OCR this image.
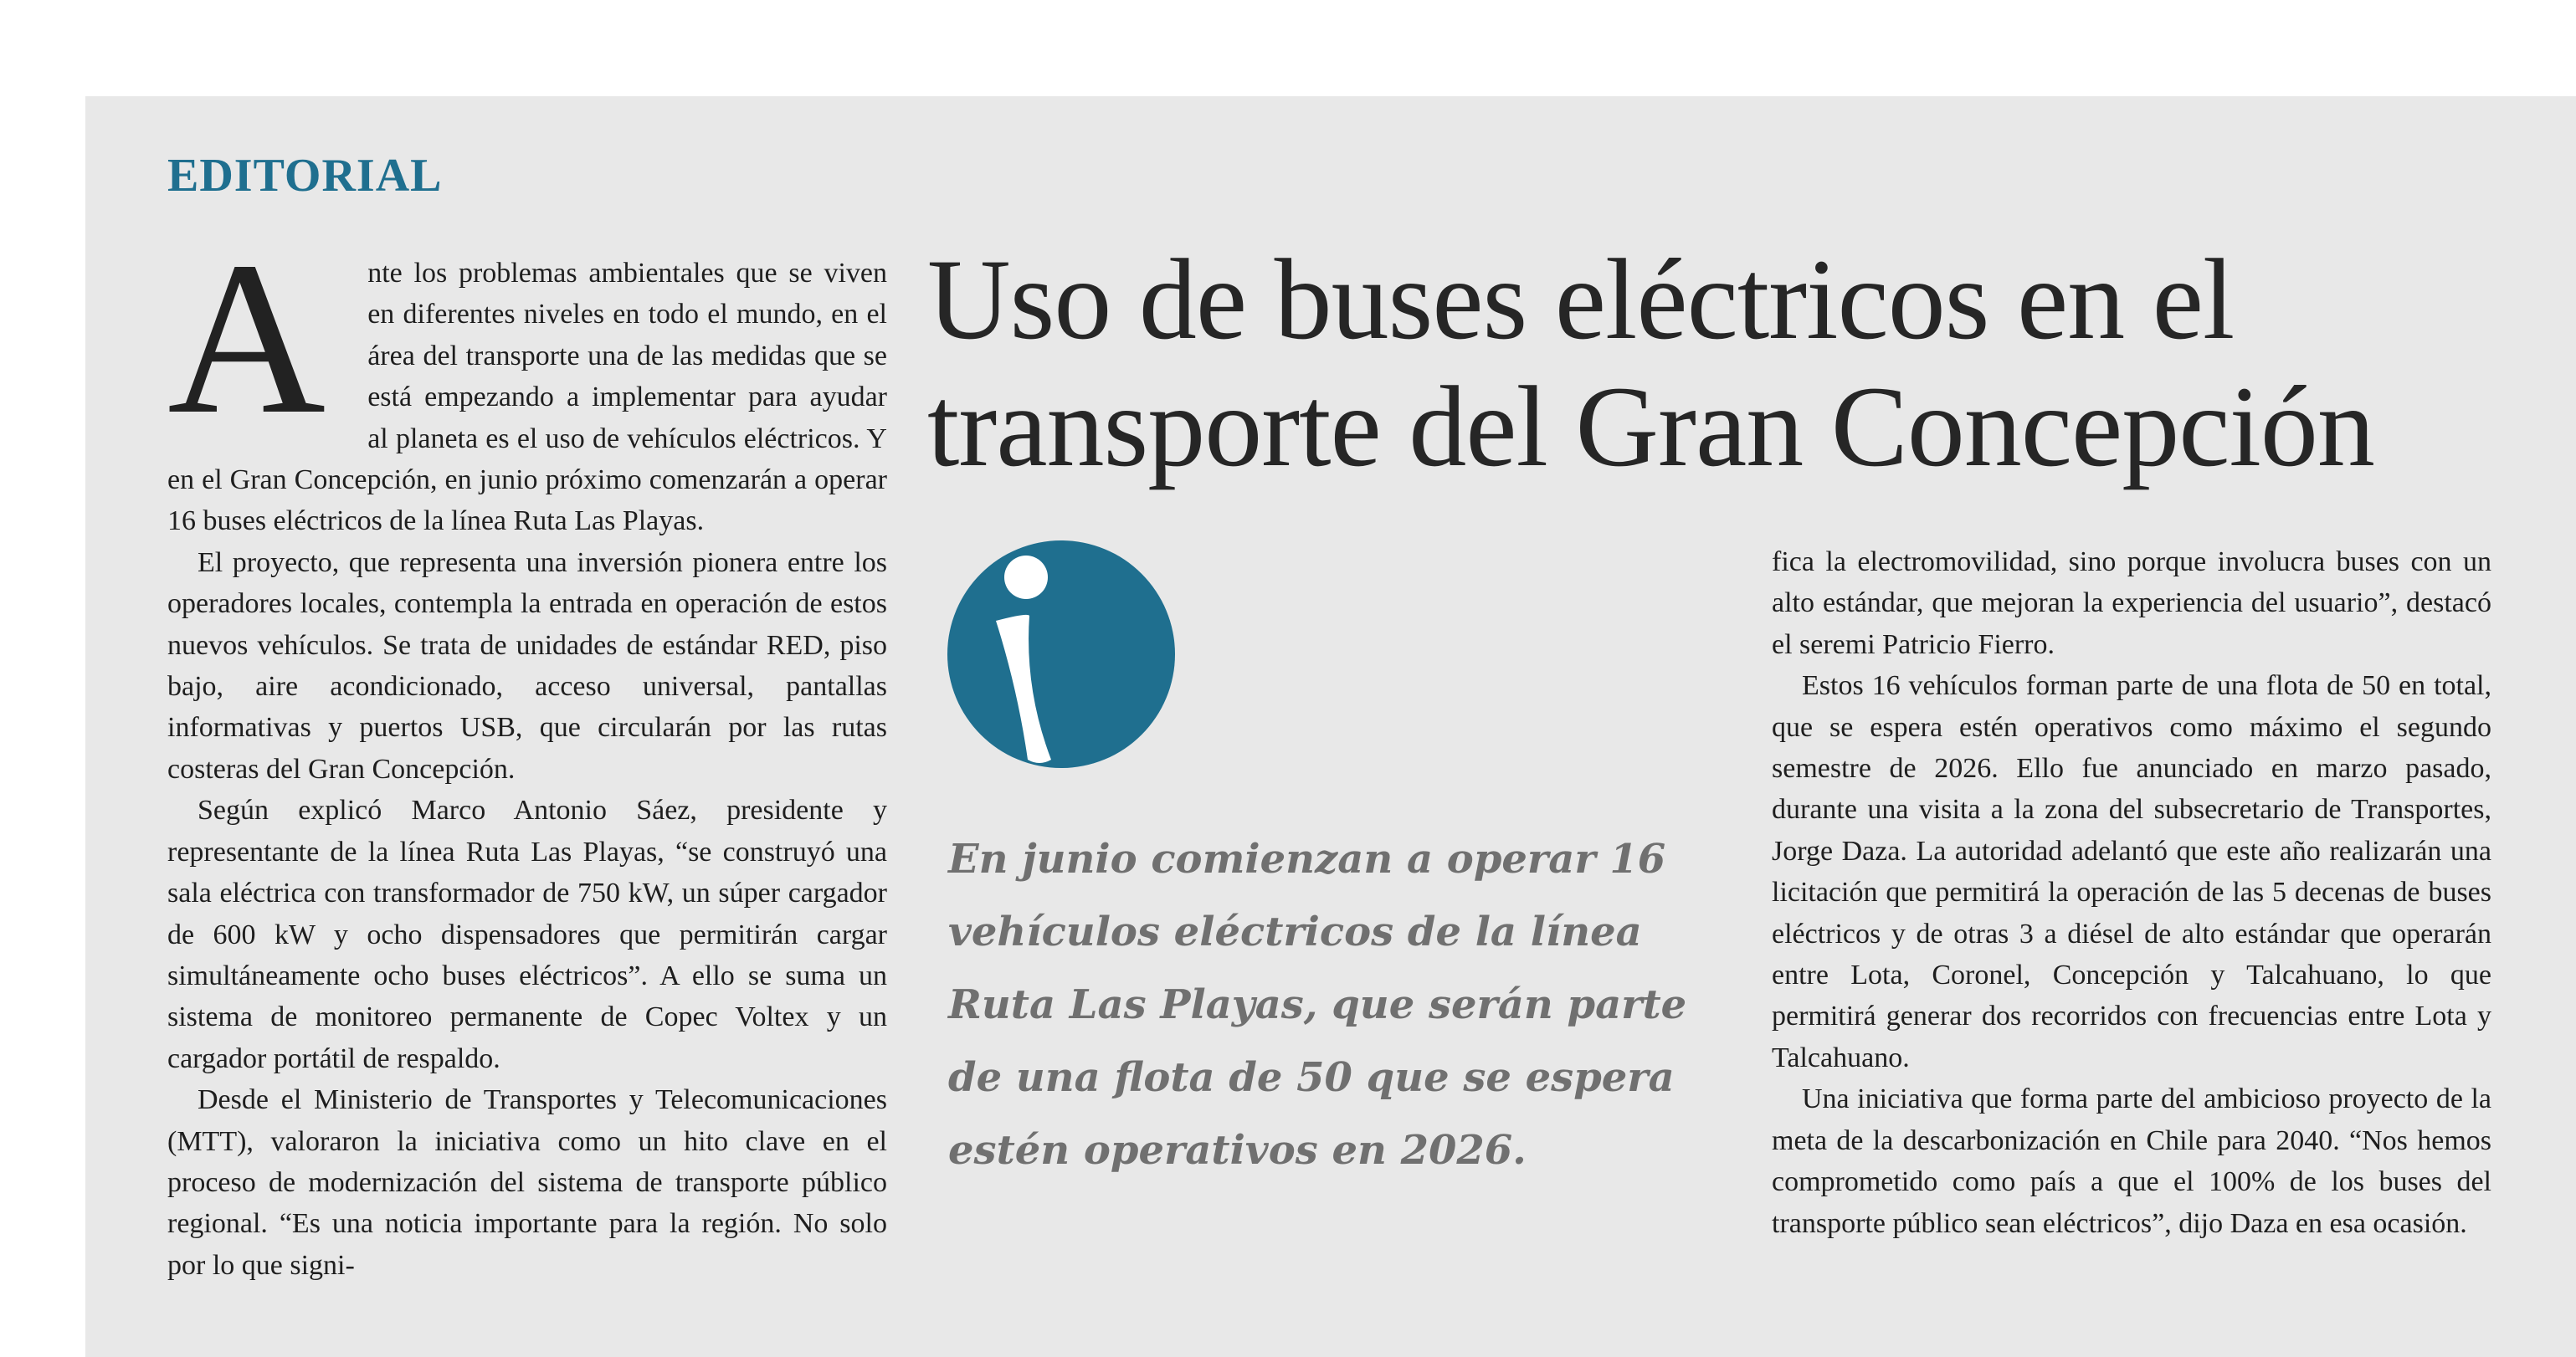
EDITORIAL

A nte los problemas ambientales que se viven en diferentes niveles en todo el mundo, en el área del transporte una de las medidas que se está empezando a implementar para ayudar al planeta es el uso de vehículos eléctricos. Y en el Gran Concepción, en junio próximo comenzarán a operar 16 buses eléctricos de la línea Ruta Las Playas.

El proyecto, que representa una inversión pionera entre los operadores locales, contempla la entrada en operación de estos nuevos vehículos. Se trata de unidades de estándar RED, piso bajo, aire acondicionado, acceso universal, pantallas informativas y puertos USB, que circularán por las rutas costeras del Gran Concepción.

Según explicó Marco Antonio Sáez, presidente y representante de la línea Ruta Las Playas, “se construyó una sala eléctrica con transformador de 750 kW, un súper cargador de 600 kW y ocho dispensadores que permitirán cargar simultáneamente ocho buses eléctricos”. A ello se suma un sistema de monitoreo permanente de Copec Voltex y un cargador portátil de respaldo.

Desde el Ministerio de Transportes y Telecomunicaciones (MTT), valoraron la iniciativa como un hito clave en el proceso de modernización del sistema de transporte público regional. “Es una noticia importante para la región. No solo por lo que signi-

Uso de buses eléctricos en el transporte del Gran Concepción

En junio comienzan a operar 16 vehículos eléctricos de la línea Ruta Las Playas, que serán parte de una flota de 50 que se espera estén operativos en 2026.

fica la electromovilidad, sino porque involucra buses con un alto estándar, que mejoran la experiencia del usuario”, destacó el seremi Patricio Fierro.

Estos 16 vehículos forman parte de una flota de 50 en total, que se espera estén operativos como máximo el segundo semestre de 2026. Ello fue anunciado en marzo pasado, durante una visita a la zona del subsecretario de Transportes, Jorge Daza. La autoridad adelantó que este año realizarán una licitación que permitirá la operación de las 5 decenas de buses eléctricos y de otras 3 a diésel de alto estándar que operarán entre Lota, Coronel, Concepción y Talcahuano, lo que permitirá generar dos recorridos con frecuencias entre Lota y Talcahuano.

Una iniciativa que forma parte del ambicioso proyecto de la meta de la descarbonización en Chile para 2040. “Nos hemos comprometido como país a que el 100% de los buses del transporte público sean eléctricos”, dijo Daza en esa ocasión.
